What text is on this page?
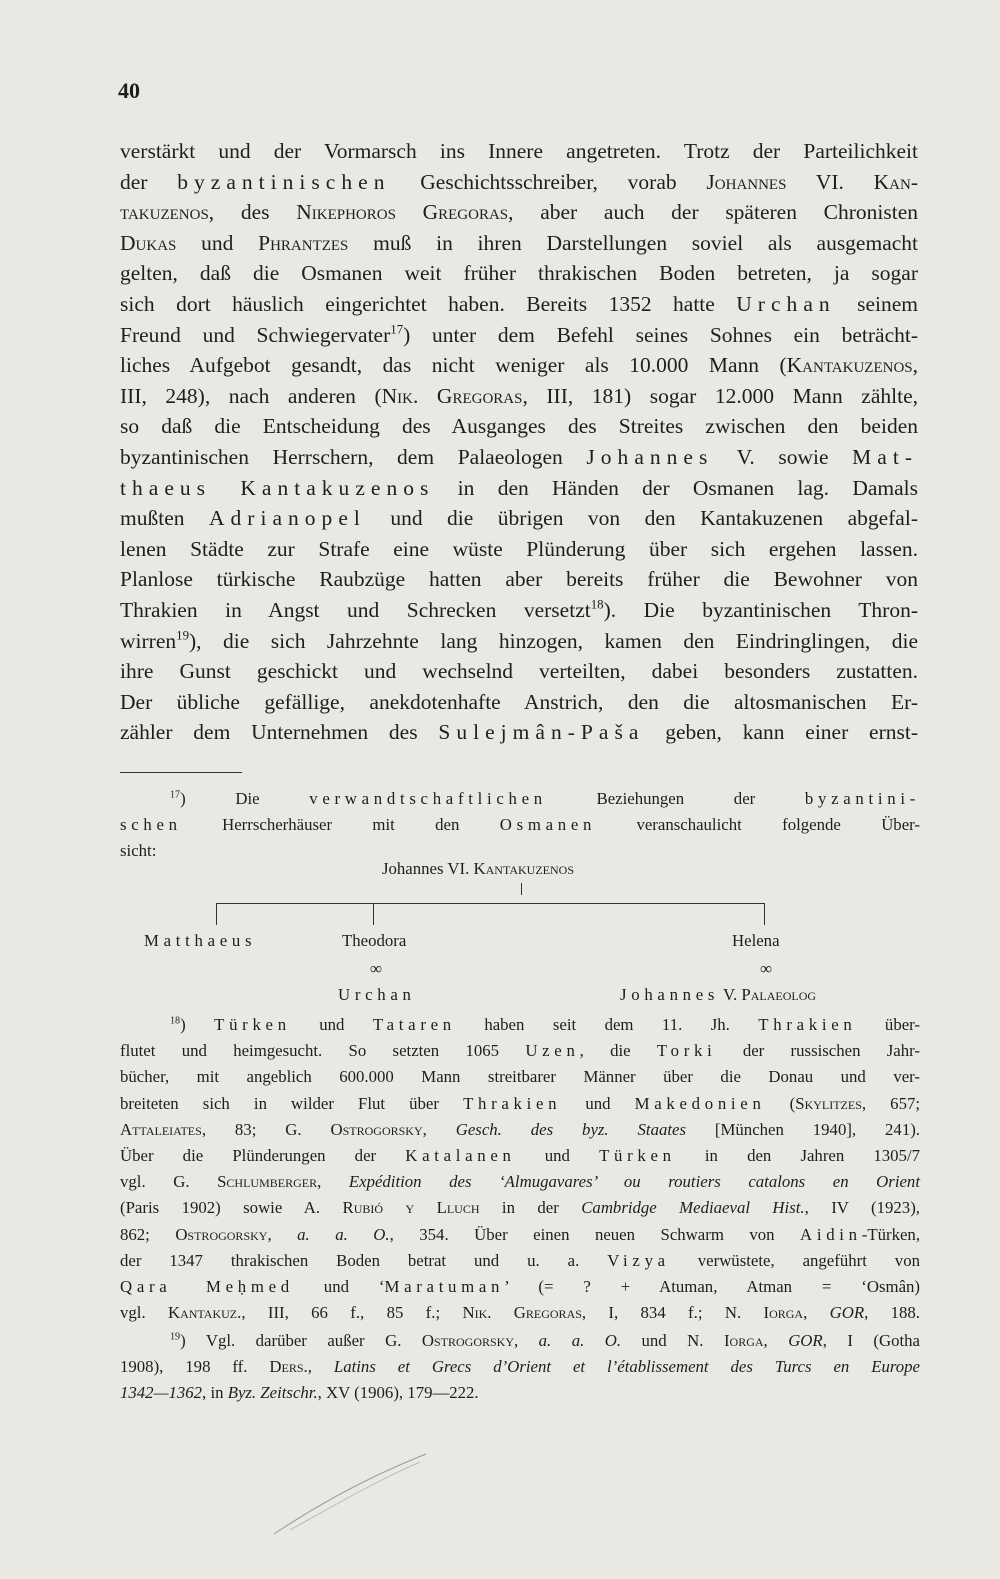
40
verstärkt und der Vormarsch ins Innere angetreten. Trotz der Parteilichkeit
der byzantinischen Geschichtsschreiber, vorab Johannes VI. Kan-
takuzenos, des Nikephoros Gregoras, aber auch der späteren Chronisten
Dukas und Phrantzes muß in ihren Darstellungen soviel als ausgemacht
gelten, daß die Osmanen weit früher thrakischen Boden betreten, ja sogar
sich dort häuslich eingerichtet haben. Bereits 1352 hatte Urchan seinem
Freund und Schwiegervater$^{17}$) unter dem Befehl seines Sohnes ein beträcht-
liches Aufgebot gesandt, das nicht weniger als 10.000 Mann (Kantakuzenos,
III, 248), nach anderen (Nik. Gregoras, III, 181) sogar 12.000 Mann zählte,
so daß die Entscheidung des Ausganges des Streites zwischen den beiden
byzantinischen Herrschern, dem Palaeologen Johannes V. sowie Mat-
thaeus Kantakuzenos in den Händen der Osmanen lag. Damals
mußten Adrianopel und die übrigen von den Kantakuzenen abgefal-
lenen Städte zur Strafe eine wüste Plünderung über sich ergehen lassen.
Planlose türkische Raubzüge hatten aber bereits früher die Bewohner von
Thrakien in Angst und Schrecken versetzt$^{18}$). Die byzantinischen Thron-
wirren$^{19}$), die sich Jahrzehnte lang hinzogen, kamen den Eindringlingen, die
ihre Gunst geschickt und wechselnd verteilten, dabei besonders zustatten.
Der übliche gefällige, anekdotenhafte Anstrich, den die altosmanischen Er-
zähler dem Unternehmen des Sulejmân-Paša geben, kann einer ernst-
$^{17}$) Die verwandtschaftlichen Beziehungen der byzantini-
schen Herrscherhäuser mit den Osmanen veranschaulicht folgende Über-
sicht:
Johannes VI. Kantakuzenos
Matthaeus	Theodora	Helena
∞	∞
Urchan	Johannes V. Palaeolog
$^{18}$) Türken und Tataren haben seit dem 11. Jh. Thrakien über-
flutet und heimgesucht. So setzten 1065 Uzen, die Torki der russischen Jahr-
bücher, mit angeblich 600.000 Mann streitbarer Männer über die Donau und ver-
breiteten sich in wilder Flut über Thrakien und Makedonien (Skylitzes, 657;
Attaleiates, 83; G. Ostrogorsky, Gesch. des byz. Staates [München 1940], 241).
Über die Plünderungen der Katalanen und Türken in den Jahren 1305/7
vgl. G. Schlumberger, Expédition des ‘Almugavares’ ou routiers catalons en Orient
(Paris 1902) sowie A. Rubió y Lluch in der Cambridge Mediaeval Hist., IV (1923),
862; Ostrogorsky, a. a. O., 354. Über einen neuen Schwarm von Aidin-Türken,
der 1347 thrakischen Boden betrat und u. a. Vizya verwüstete, angeführt von
Qara Meḥmed und ‘Maratuman’ (= ? + Atuman, Atman = ‘Osmân)
vgl. Kantakuz., III, 66 f., 85 f.; Nik. Gregoras, I, 834 f.; N. Iorga, GOR, 188.
$^{19}$) Vgl. darüber außer G. Ostrogorsky, a. a. O. und N. Iorga, GOR, I (Gotha
1908), 198 ff. Ders., Latins et Grecs d’Orient et l’établissement des Turcs en Europe
1342—1362, in Byz. Zeitschr., XV (1906), 179—222.
